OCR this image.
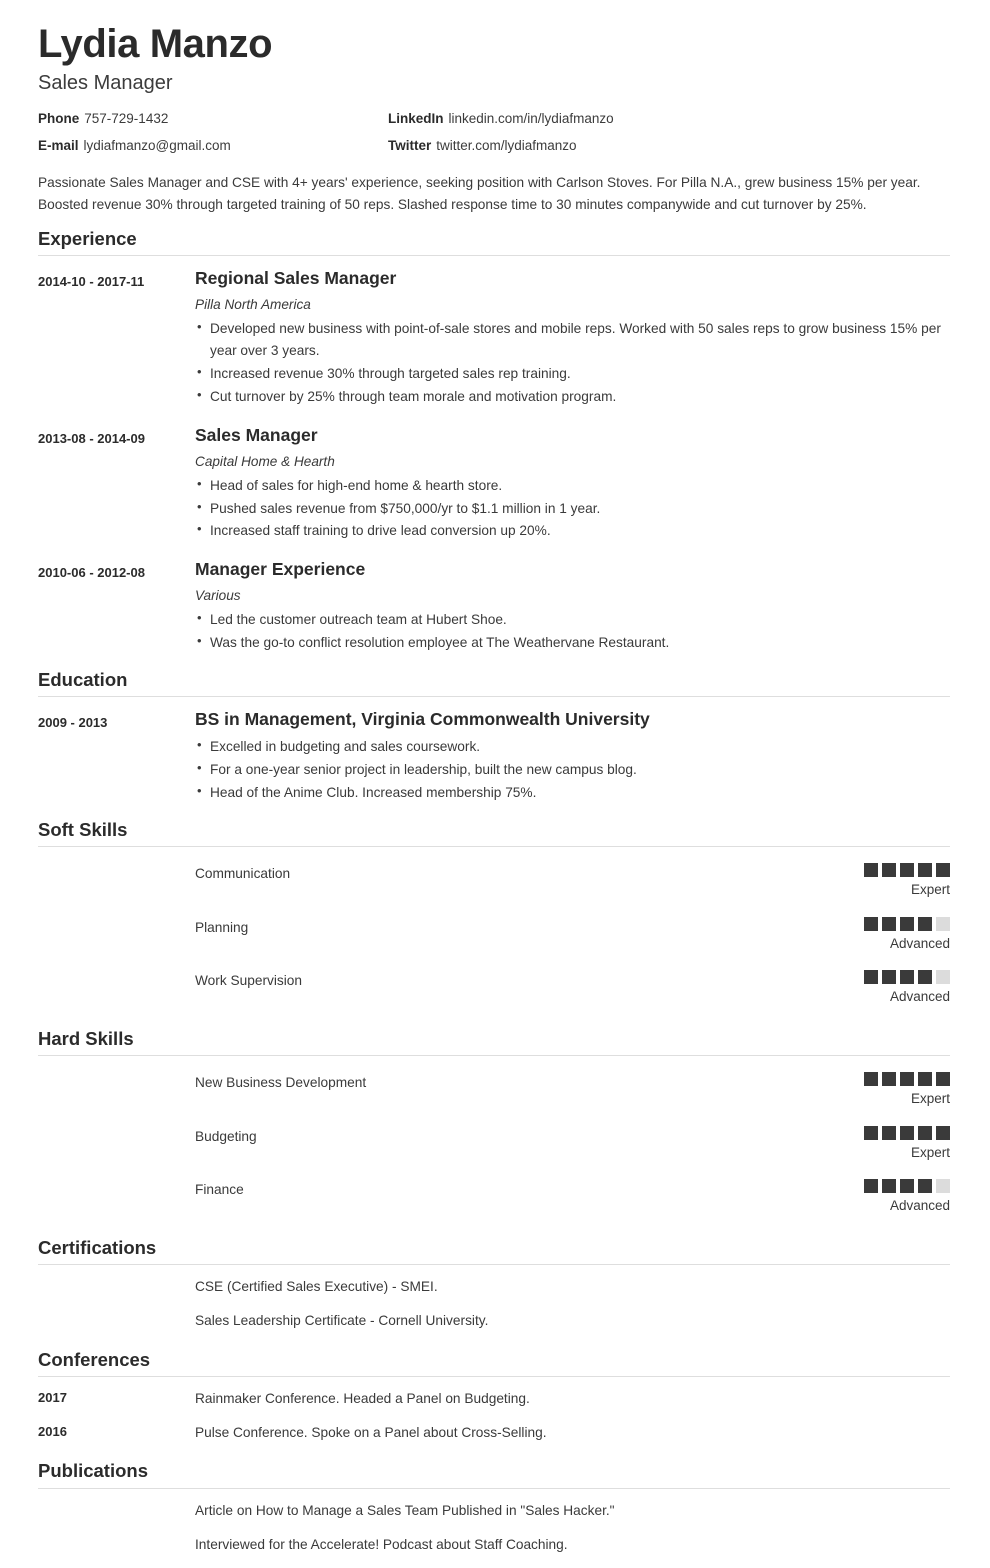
Lydia Manzo
Sales Manager
Phone 757-729-1432	LinkedIn linkedin.com/in/lydiafmanzo
E-mail lydiafmanzo@gmail.com	Twitter twitter.com/lydiafmanzo

Passionate Sales Manager and CSE with 4+ years' experience, seeking position with Carlson Stoves. For Pilla N.A., grew business 15% per year. Boosted revenue 30% through targeted training of 50 reps. Slashed response time to 30 minutes companywide and cut turnover by 25%.

Experience
2014-10 - 2017-11	Regional Sales Manager
Pilla North America
• Developed new business with point-of-sale stores and mobile reps. Worked with 50 sales reps to grow business 15% per year over 3 years.
• Increased revenue 30% through targeted sales rep training.
• Cut turnover by 25% through team morale and motivation program.
2013-08 - 2014-09	Sales Manager
Capital Home & Hearth
• Head of sales for high-end home & hearth store.
• Pushed sales revenue from $750,000/yr to $1.1 million in 1 year.
• Increased staff training to drive lead conversion up 20%.
2010-06 - 2012-08	Manager Experience
Various
• Led the customer outreach team at Hubert Shoe.
• Was the go-to conflict resolution employee at The Weathervane Restaurant.
Education
2009 - 2013	BS in Management, Virginia Commonwealth University
• Excelled in budgeting and sales coursework.
• For a one-year senior project in leadership, built the new campus blog.
• Head of the Anime Club. Increased membership 75%.
Soft Skills
Communication
Expert
Planning
Advanced
Work Supervision
Advanced
Hard Skills
New Business Development
Expert
Budgeting
Expert
Finance
Advanced
Certifications
CSE (Certified Sales Executive) - SMEI.
Sales Leadership Certificate - Cornell University.
Conferences
2017	Rainmaker Conference. Headed a Panel on Budgeting.
2016	Pulse Conference. Spoke on a Panel about Cross-Selling.
Publications
Article on How to Manage a Sales Team Published in "Sales Hacker."
Interviewed for the Accelerate! Podcast about Staff Coaching.
